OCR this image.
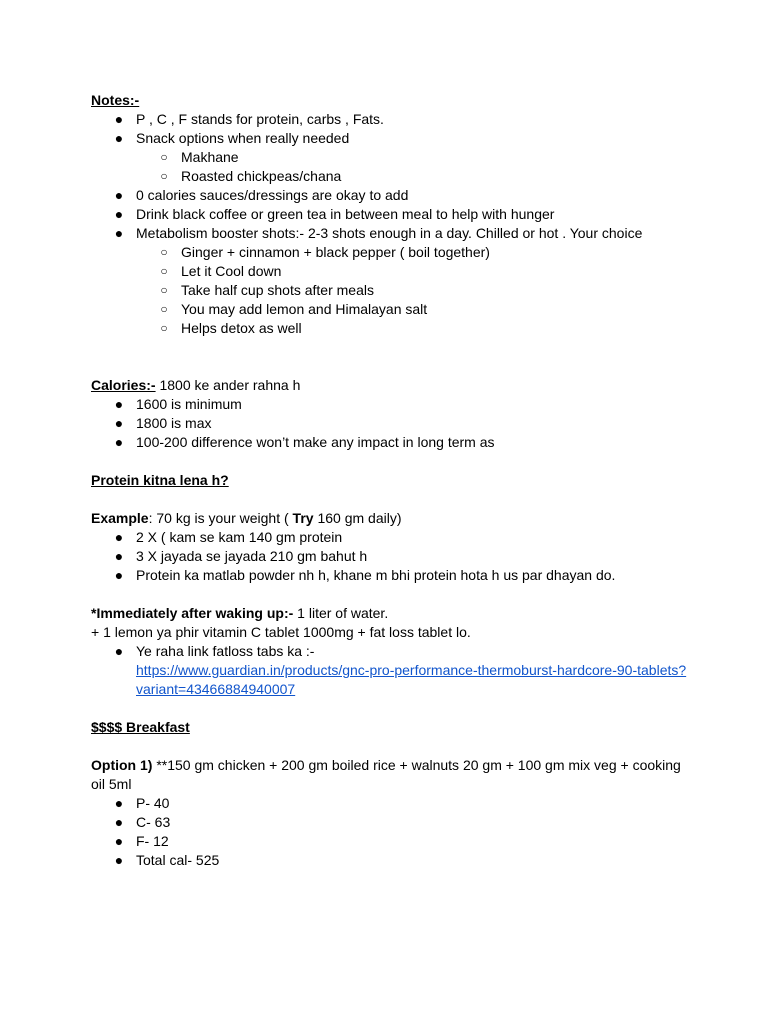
Notes:-

● P , C , F stands for protein, carbs , Fats.
● Snack options when really needed
○ Makhane
○ Roasted chickpeas/chana
● 0 calories sauces/dressings are okay to add
● Drink black coffee or green tea in between meal to help with hunger
● Metabolism booster shots:- 2-3 shots enough in a day. Chilled or hot . Your choice
○ Ginger + cinnamon + black pepper ( boil together)
○ Let it Cool down
○ Take half cup shots after meals
○ You may add lemon and Himalayan salt
○ Helps detox as well

Calories:- 1800 ke ander rahna h

● 1600 is minimum
● 1800 is max
● 100-200 difference won’t make any impact in long term as

Protein kitna lena h?

Example: 70 kg is your weight ( Try 160 gm daily)

● 2 X ( kam se kam 140 gm protein
● 3 X jayada se jayada 210 gm bahut h
● Protein ka matlab powder nh h, khane m bhi protein hota h us par dhayan do.

*Immediately after waking up:- 1 liter of water.

+ 1 lemon ya phir vitamin C tablet 1000mg + fat loss tablet lo.

● Ye raha link fatloss tabs ka :-
https://www.guardian.in/products/gnc-pro-performance-thermoburst-hardcore-90-tablets?variant=43466884940007

$$$$ Breakfast

Option 1) **150 gm chicken + 200 gm boiled rice + walnuts 20 gm + 100 gm mix veg + cooking oil 5ml

● P- 40
● C- 63
● F- 12
● Total cal- 525
